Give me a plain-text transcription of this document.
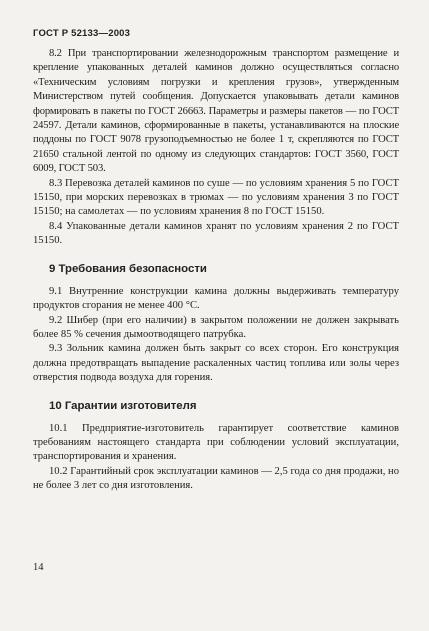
ГОСТ Р 52133—2003

8.2 При транспортировании железнодорожным транспортом размещение и крепление упакованных деталей каминов должно осуществляться согласно «Техническим условиям погрузки и крепления грузов», утвержденным Министерством путей сообщения. Допускается упаковывать детали каминов формировать в пакеты по ГОСТ 26663. Параметры и размеры пакетов — по ГОСТ 24597. Детали каминов, сформированные в пакеты, устанавливаются на плоские поддоны по ГОСТ 9078 грузоподъемностью не более 1 т, скрепляются по ГОСТ 21650 стальной лентой по одному из следующих стандартов: ГОСТ 3560, ГОСТ 6009, ГОСТ 503.

8.3 Перевозка деталей каминов по суше — по условиям хранения 5 по ГОСТ 15150, при морских перевозках в трюмах — по условиям хранения 3 по ГОСТ 15150; на самолетах — по условиям хранения 8 по ГОСТ 15150.

8.4 Упакованные детали каминов хранят по условиям хранения 2 по ГОСТ 15150.

9 Требования безопасности

9.1 Внутренние конструкции камина должны выдерживать температуру продуктов сгорания не менее 400 °С.

9.2 Шибер (при его наличии) в закрытом положении не должен закрывать более 85 % сечения дымоотводящего патрубка.

9.3 Зольник камина должен быть закрыт со всех сторон. Его конструкция должна предотвращать выпадение раскаленных частиц топлива или золы через отверстия подвода воздуха для горения.

10 Гарантии изготовителя

10.1 Предприятие-изготовитель гарантирует соответствие каминов требованиям настоящего стандарта при соблюдении условий эксплуатации, транспортирования и хранения.

10.2 Гарантийный срок эксплуатации каминов — 2,5 года со дня продажи, но не более 3 лет со дня изготовления.

14
